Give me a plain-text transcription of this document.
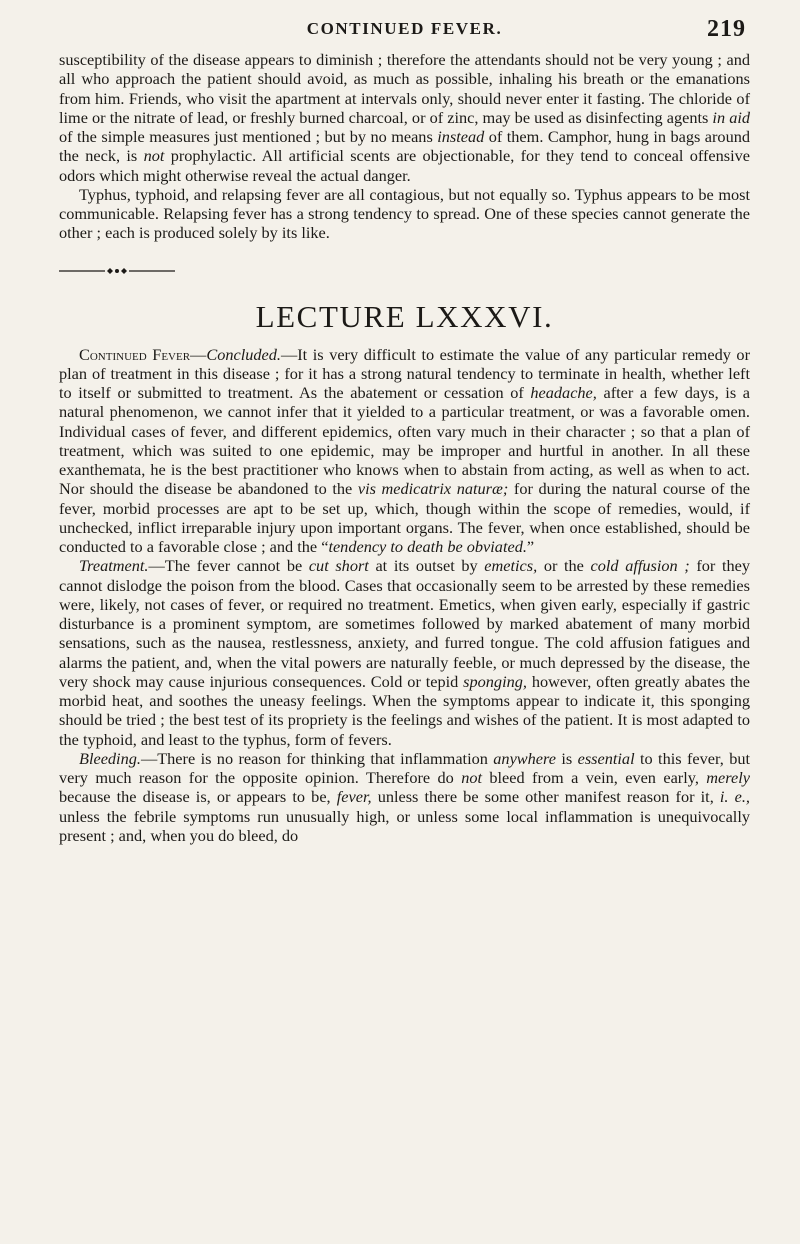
CONTINUED FEVER.	219

susceptibility of the disease appears to diminish ; therefore the attendants should not be very young ; and all who approach the patient should avoid, as much as possible, inhaling his breath or the emanations from him. Friends, who visit the apartment at intervals only, should never enter it fasting. The chloride of lime or the nitrate of lead, or freshly burned charcoal, or of zinc, may be used as disinfecting agents in aid of the simple measures just mentioned ; but by no means instead of them. Camphor, hung in bags around the neck, is not prophylactic. All artificial scents are objectionable, for they tend to conceal offensive odors which might otherwise reveal the actual danger.

Typhus, typhoid, and relapsing fever are all contagious, but not equally so. Typhus appears to be most communicable. Relapsing fever has a strong tendency to spread. One of these species cannot generate the other ; each is produced solely by its like.

LECTURE LXXXVI.

Continued Fever—Concluded.—It is very difficult to estimate the value of any particular remedy or plan of treatment in this disease ; for it has a strong natural tendency to terminate in health, whether left to itself or submitted to treatment. As the abatement or cessation of headache, after a few days, is a natural phenomenon, we cannot infer that it yielded to a particular treatment, or was a favorable omen. Individual cases of fever, and different epidemics, often vary much in their character ; so that a plan of treatment, which was suited to one epidemic, may be improper and hurtful in another. In all these exanthemata, he is the best practitioner who knows when to abstain from acting, as well as when to act. Nor should the disease be abandoned to the vis medicatrix naturæ; for during the natural course of the fever, morbid processes are apt to be set up, which, though within the scope of remedies, would, if unchecked, inflict irreparable injury upon important organs. The fever, when once established, should be conducted to a favorable close ; and the “tendency to death be obviated.”

Treatment.—The fever cannot be cut short at its outset by emetics, or the cold affusion ; for they cannot dislodge the poison from the blood. Cases that occasionally seem to be arrested by these remedies were, likely, not cases of fever, or required no treatment. Emetics, when given early, especially if gastric disturbance is a prominent symptom, are sometimes followed by marked abatement of many morbid sensations, such as the nausea, restlessness, anxiety, and furred tongue. The cold affusion fatigues and alarms the patient, and, when the vital powers are naturally feeble, or much depressed by the disease, the very shock may cause injurious consequences. Cold or tepid sponging, however, often greatly abates the morbid heat, and soothes the uneasy feelings. When the symptoms appear to indicate it, this sponging should be tried ; the best test of its propriety is the feelings and wishes of the patient. It is most adapted to the typhoid, and least to the typhus, form of fevers.

Bleeding.—There is no reason for thinking that inflammation anywhere is essential to this fever, but very much reason for the opposite opinion. Therefore do not bleed from a vein, even early, merely because the disease is, or appears to be, fever, unless there be some other manifest reason for it, i. e., unless the febrile symptoms run unusually high, or unless some local inflammation is unequivocally present ; and, when you do bleed, do
